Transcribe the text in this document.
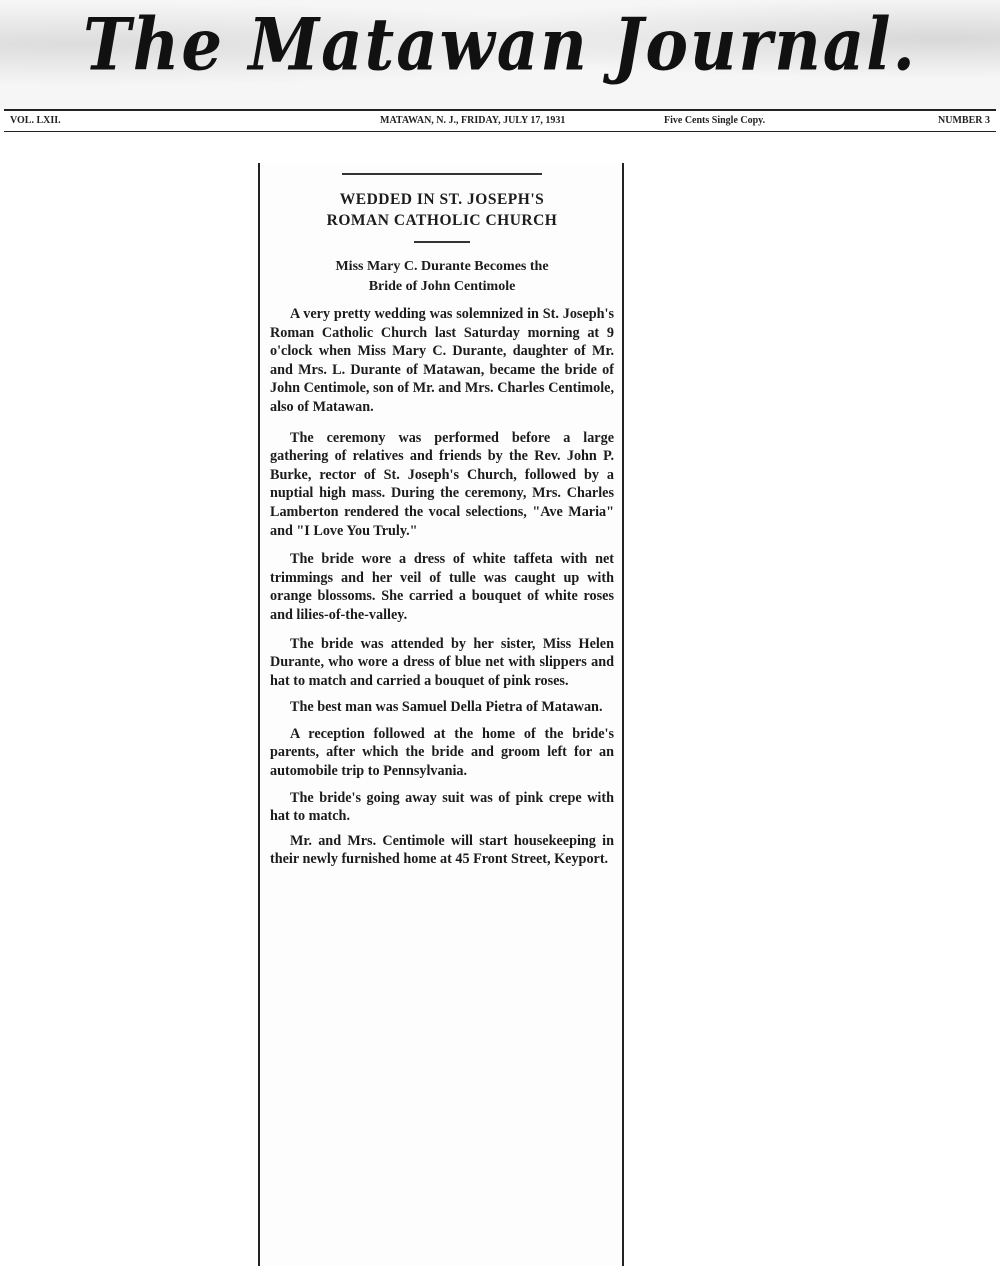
The Matawan Journal.
VOL. LXII.	MATAWAN, N. J., FRIDAY, JULY 17, 1931	Five Cents Single Copy.	NUMBER 3
WEDDED IN ST. JOSEPH'S
ROMAN CATHOLIC CHURCH
Miss Mary C. Durante Becomes the
Bride of John Centimole

A very pretty wedding was solemnized in St. Joseph's Roman Catholic Church last Saturday morning at 9 o'clock when Miss Mary C. Durante, daughter of Mr. and Mrs. L. Durante of Matawan, became the bride of John Centimole, son of Mr. and Mrs. Charles Centimole, also of Matawan.

The ceremony was performed before a large gathering of relatives and friends by the Rev. John P. Burke, rector of St. Joseph's Church, followed by a nuptial high mass. During the ceremony, Mrs. Charles Lamberton rendered the vocal selections, "Ave Maria" and "I Love You Truly."

The bride wore a dress of white taffeta with net trimmings and her veil of tulle was caught up with orange blossoms. She carried a bouquet of white roses and lilies-of-the-valley.

The bride was attended by her sister, Miss Helen Durante, who wore a dress of blue net with slippers and hat to match and carried a bouquet of pink roses.

The best man was Samuel Della Pietra of Matawan.

A reception followed at the home of the bride's parents, after which the bride and groom left for an automobile trip to Pennsylvania.

The bride's going away suit was of pink crepe with hat to match.

Mr. and Mrs. Centimole will start housekeeping in their newly furnished home at 45 Front Street, Keyport.
